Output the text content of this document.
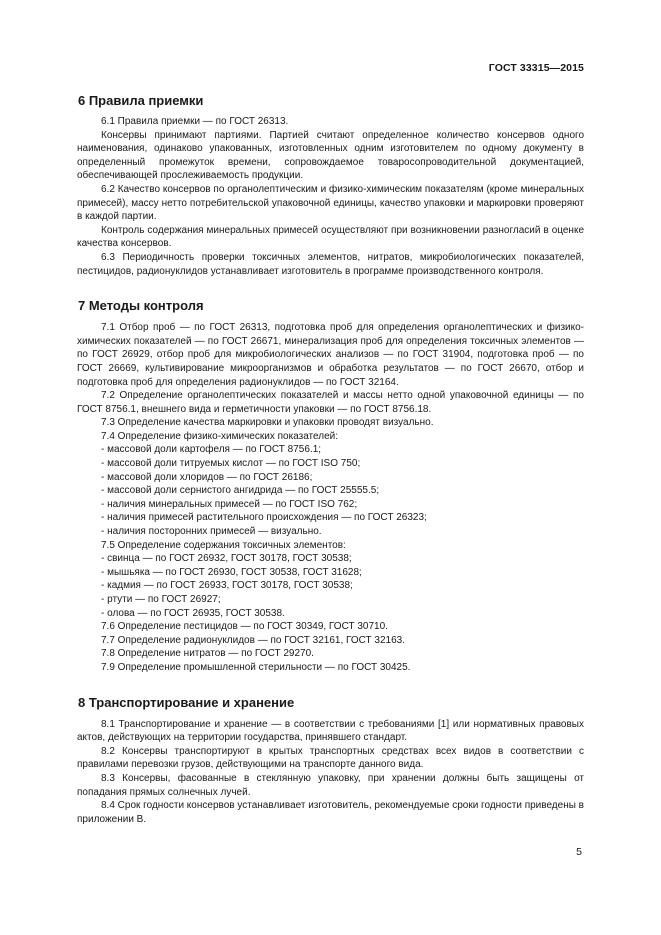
ГОСТ 33315—2015
6 Правила приемки

6.1 Правила приемки — по ГОСТ 26313.

Консервы принимают партиями. Партией считают определенное количество консервов одного наименования, одинаково упакованных, изготовленных одним изготовителем по одному документу в определенный промежуток времени, сопровождаемое товаросопроводительной документацией, обеспечивающей прослеживаемость продукции.

6.2 Качество консервов по органолептическим и физико-химическим показателям (кроме минеральных примесей), массу нетто потребительской упаковочной единицы, качество упаковки и маркировки проверяют в каждой партии.

Контроль содержания минеральных примесей осуществляют при возникновении разногласий в оценке качества консервов.

6.3 Периодичность проверки токсичных элементов, нитратов, микробиологических показателей, пестицидов, радионуклидов устанавливает изготовитель в программе производственного контроля.

7 Методы контроля

7.1 Отбор проб — по ГОСТ 26313, подготовка проб для определения органолептических и физико-химических показателей — по ГОСТ 26671, минерализация проб для определения токсичных элементов — по ГОСТ 26929, отбор проб для микробиологических анализов — по ГОСТ 31904, подготовка проб — по ГОСТ 26669, культивирование микроорганизмов и обработка результатов — по ГОСТ 26670, отбор и подготовка проб для определения радионуклидов — по ГОСТ 32164.

7.2 Определение органолептических показателей и массы нетто одной упаковочной единицы — по ГОСТ 8756.1, внешнего вида и герметичности упаковки — по ГОСТ 8756.18.

7.3 Определение качества маркировки и упаковки проводят визуально.

7.4 Определение физико-химических показателей:

- массовой доли картофеля — по ГОСТ 8756.1;

- массовой доли титруемых кислот — по ГОСТ ISO 750;

- массовой доли хлоридов — по ГОСТ 26186;

- массовой доли сернистого ангидрида — по ГОСТ 25555.5;

- наличия минеральных примесей — по ГОСТ ISO 762;

- наличия примесей растительного происхождения — по ГОСТ 26323;

- наличия посторонних примесей — визуально.

7.5 Определение содержания токсичных элементов:

- свинца — по ГОСТ 26932, ГОСТ 30178, ГОСТ 30538;

- мышьяка — по ГОСТ 26930, ГОСТ 30538, ГОСТ 31628;

- кадмия — по ГОСТ 26933, ГОСТ 30178, ГОСТ 30538;

- ртути — по ГОСТ 26927;

- олова — по ГОСТ 26935, ГОСТ 30538.

7.6 Определение пестицидов — по ГОСТ 30349, ГОСТ 30710.

7.7 Определение радионуклидов — по ГОСТ 32161, ГОСТ 32163.

7.8 Определение нитратов — по ГОСТ 29270.

7.9 Определение промышленной стерильности — по ГОСТ 30425.

8 Транспортирование и хранение

8.1 Транспортирование и хранение — в соответствии с требованиями [1] или нормативных правовых актов, действующих на территории государства, принявшего стандарт.

8.2 Консервы транспортируют в крытых транспортных средствах всех видов в соответствии с правилами перевозки грузов, действующими на транспорте данного вида.

8.3 Консервы, фасованные в стеклянную упаковку, при хранении должны быть защищены от попадания прямых солнечных лучей.

8.4 Срок годности консервов устанавливает изготовитель, рекомендуемые сроки годности приведены в приложении В.

5
